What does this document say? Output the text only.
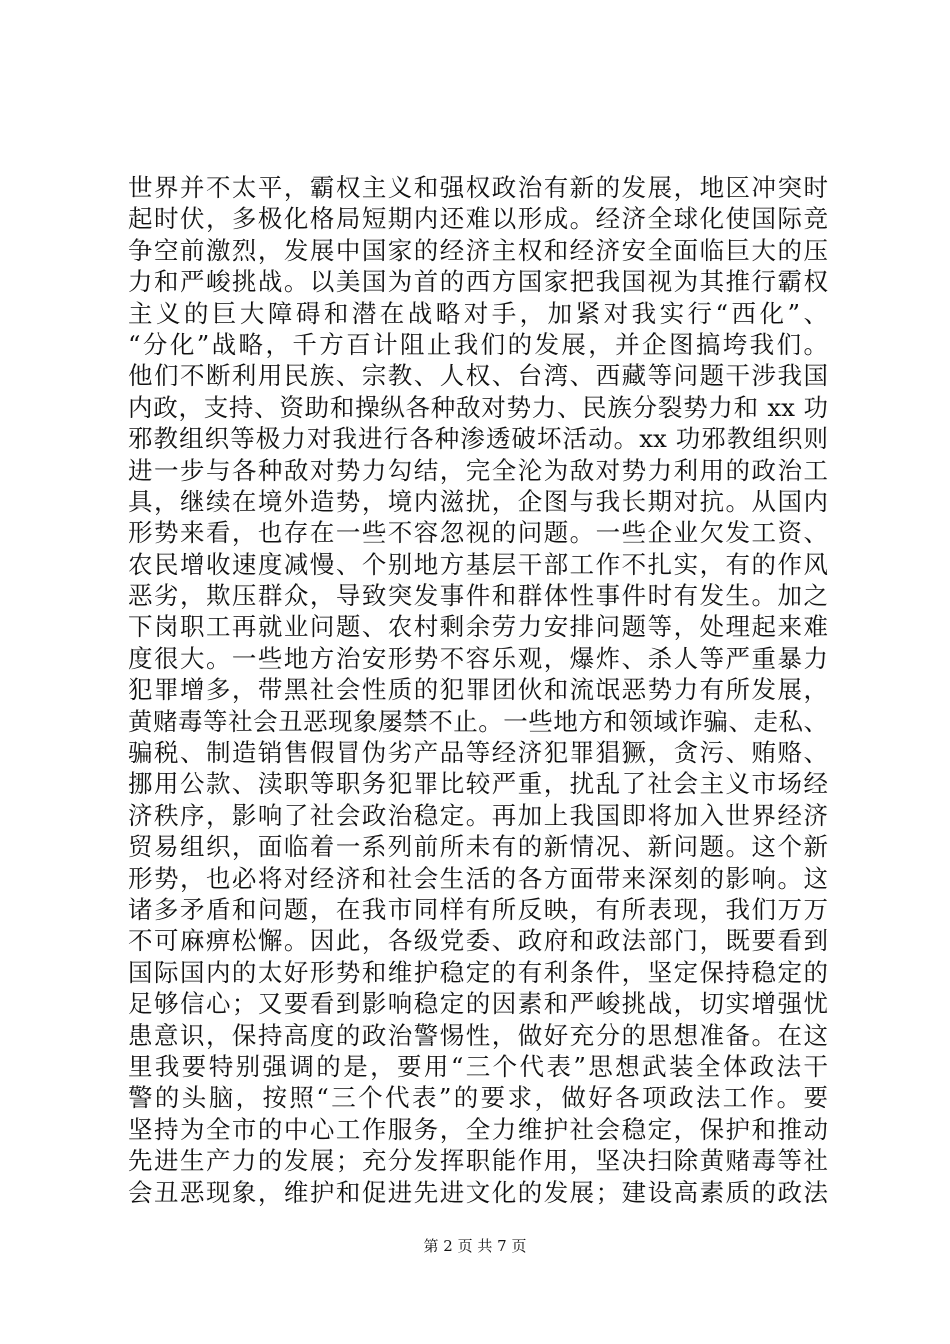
世界并不太平，霸权主义和强权政治有新的发展，地区冲突时
起时伏，多极化格局短期内还难以形成。经济全球化使国际竞
争空前激烈，发展中国家的经济主权和经济安全面临巨大的压
力和严峻挑战。以美国为首的西方国家把我国视为其推行霸权
主义的巨大障碍和潜在战略对手，加紧对我实行“西化”、
“分化”战略，千方百计阻止我们的发展，并企图搞垮我们。
他们不断利用民族、宗教、人权、台湾、西藏等问题干涉我国
内政，支持、资助和操纵各种敌对势力、民族分裂势力和 xx 功
邪教组织等极力对我进行各种渗透破坏活动。xx 功邪教组织则
进一步与各种敌对势力勾结，完全沦为敌对势力利用的政治工
具，继续在境外造势，境内滋扰，企图与我长期对抗。从国内
形势来看，也存在一些不容忽视的问题。一些企业欠发工资、
农民增收速度减慢、个别地方基层干部工作不扎实，有的作风
恶劣，欺压群众，导致突发事件和群体性事件时有发生。加之
下岗职工再就业问题、农村剩余劳力安排问题等，处理起来难
度很大。一些地方治安形势不容乐观，爆炸、杀人等严重暴力
犯罪增多，带黑社会性质的犯罪团伙和流氓恶势力有所发展，
黄赌毒等社会丑恶现象屡禁不止。一些地方和领域诈骗、走私、
骗税、制造销售假冒伪劣产品等经济犯罪猖獗，贪污、贿赂、
挪用公款、渎职等职务犯罪比较严重，扰乱了社会主义市场经
济秩序，影响了社会政治稳定。再加上我国即将加入世界经济
贸易组织，面临着一系列前所未有的新情况、新问题。这个新
形势，也必将对经济和社会生活的各方面带来深刻的影响。这
诸多矛盾和问题，在我市同样有所反映，有所表现，我们万万
不可麻痹松懈。因此，各级党委、政府和政法部门，既要看到
国际国内的太好形势和维护稳定的有利条件，坚定保持稳定的
足够信心；又要看到影响稳定的因素和严峻挑战，切实增强忧
患意识，保持高度的政治警惕性，做好充分的思想准备。在这
里我要特别强调的是，要用“三个代表”思想武装全体政法干
警的头脑，按照“三个代表”的要求，做好各项政法工作。要
坚持为全市的中心工作服务，全力维护社会稳定，保护和推动
先进生产力的发展；充分发挥职能作用，坚决扫除黄赌毒等社
会丑恶现象，维护和促进先进文化的发展；建设高素质的政法
第 2 页 共 7 页
